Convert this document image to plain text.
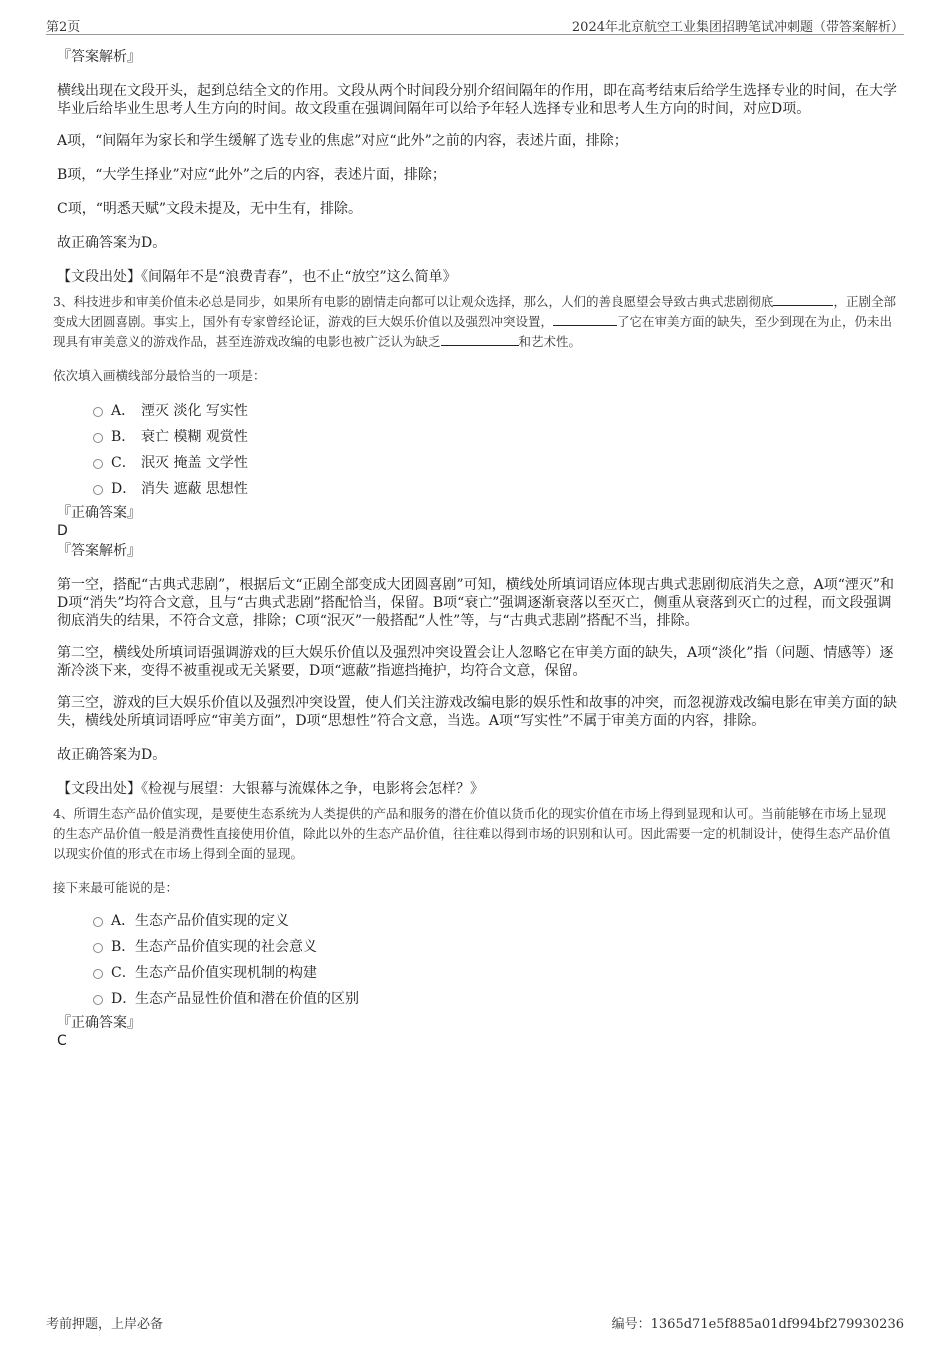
第2页	2024年北京航空工业集团招聘笔试冲刺题（带答案解析）

『答案解析』

横线出现在文段开头，起到总结全文的作用。文段从两个时间段分别介绍间隔年的作用，即在高考结束后给学生选择专业的时间，在大学毕业后给毕业生思考人生方向的时间。故文段重在强调间隔年可以给予年轻人选择专业和思考人生方向的时间，对应D项。

A项，“间隔年为家长和学生缓解了选专业的焦虑”对应“此外”之前的内容，表述片面，排除；

B项，“大学生择业”对应“此外”之后的内容，表述片面，排除；

C项，“明悉天赋”文段未提及，无中生有，排除。

故正确答案为D。

【文段出处】《间隔年不是“浪费青春”，也不止“放空”这么简单》

3、科技进步和审美价值未必总是同步，如果所有电影的剧情走向都可以让观众选择，那么，人们的善良愿望会导致古典式悲剧彻底	，正剧全部变成大团圆喜剧。事实上，国外有专家曾经论证，游戏的巨大娱乐价值以及强烈冲突设置，	了它在审美方面的缺失，至少到现在为止，仍未出现具有审美意义的游戏作品，甚至连游戏改编的电影也被广泛认为缺乏	和艺术性。

依次填入画横线部分最恰当的一项是：

A． 湮灭 淡化 写实性
B． 衰亡 模糊 观赏性
C． 泯灭 掩盖 文学性
D． 消失 遮蔽 思想性

『正确答案』

D

『答案解析』

第一空，搭配“古典式悲剧”，根据后文“正剧全部变成大团圆喜剧”可知，横线处所填词语应体现古典式悲剧彻底消失之意，A项“湮灭”和D项“消失”均符合文意，且与“古典式悲剧”搭配恰当，保留。B项“衰亡”强调逐渐衰落以至灭亡，侧重从衰落到灭亡的过程，而文段强调彻底消失的结果，不符合文意，排除；C项“泯灭”一般搭配“人性”等，与“古典式悲剧”搭配不当，排除。

第二空，横线处所填词语强调游戏的巨大娱乐价值以及强烈冲突设置会让人忽略它在审美方面的缺失，A项“淡化”指（问题、情感等）逐渐冷淡下来，变得不被重视或无关紧要，D项“遮蔽”指遮挡掩护，均符合文意，保留。

第三空，游戏的巨大娱乐价值以及强烈冲突设置，使人们关注游戏改编电影的娱乐性和故事的冲突，而忽视游戏改编电影在审美方面的缺失，横线处所填词语呼应“审美方面”，D项“思想性”符合文意，当选。A项“写实性”不属于审美方面的内容，排除。

故正确答案为D。

【文段出处】《检视与展望：大银幕与流媒体之争，电影将会怎样？》

4、所谓生态产品价值实现，是要使生态系统为人类提供的产品和服务的潜在价值以货币化的现实价值在市场上得到显现和认可。当前能够在市场上显现的生态产品价值一般是消费性直接使用价值，除此以外的生态产品价值，往往难以得到市场的识别和认可。因此需要一定的机制设计，使得生态产品价值以现实价值的形式在市场上得到全面的显现。

接下来最可能说的是：

A．生态产品价值实现的定义
B．生态产品价值实现的社会意义
C．生态产品价值实现机制的构建
D．生态产品显性价值和潜在价值的区别

『正确答案』

C

考前押题，上岸必备	编号：1365d71e5f885a01df994bf279930236
